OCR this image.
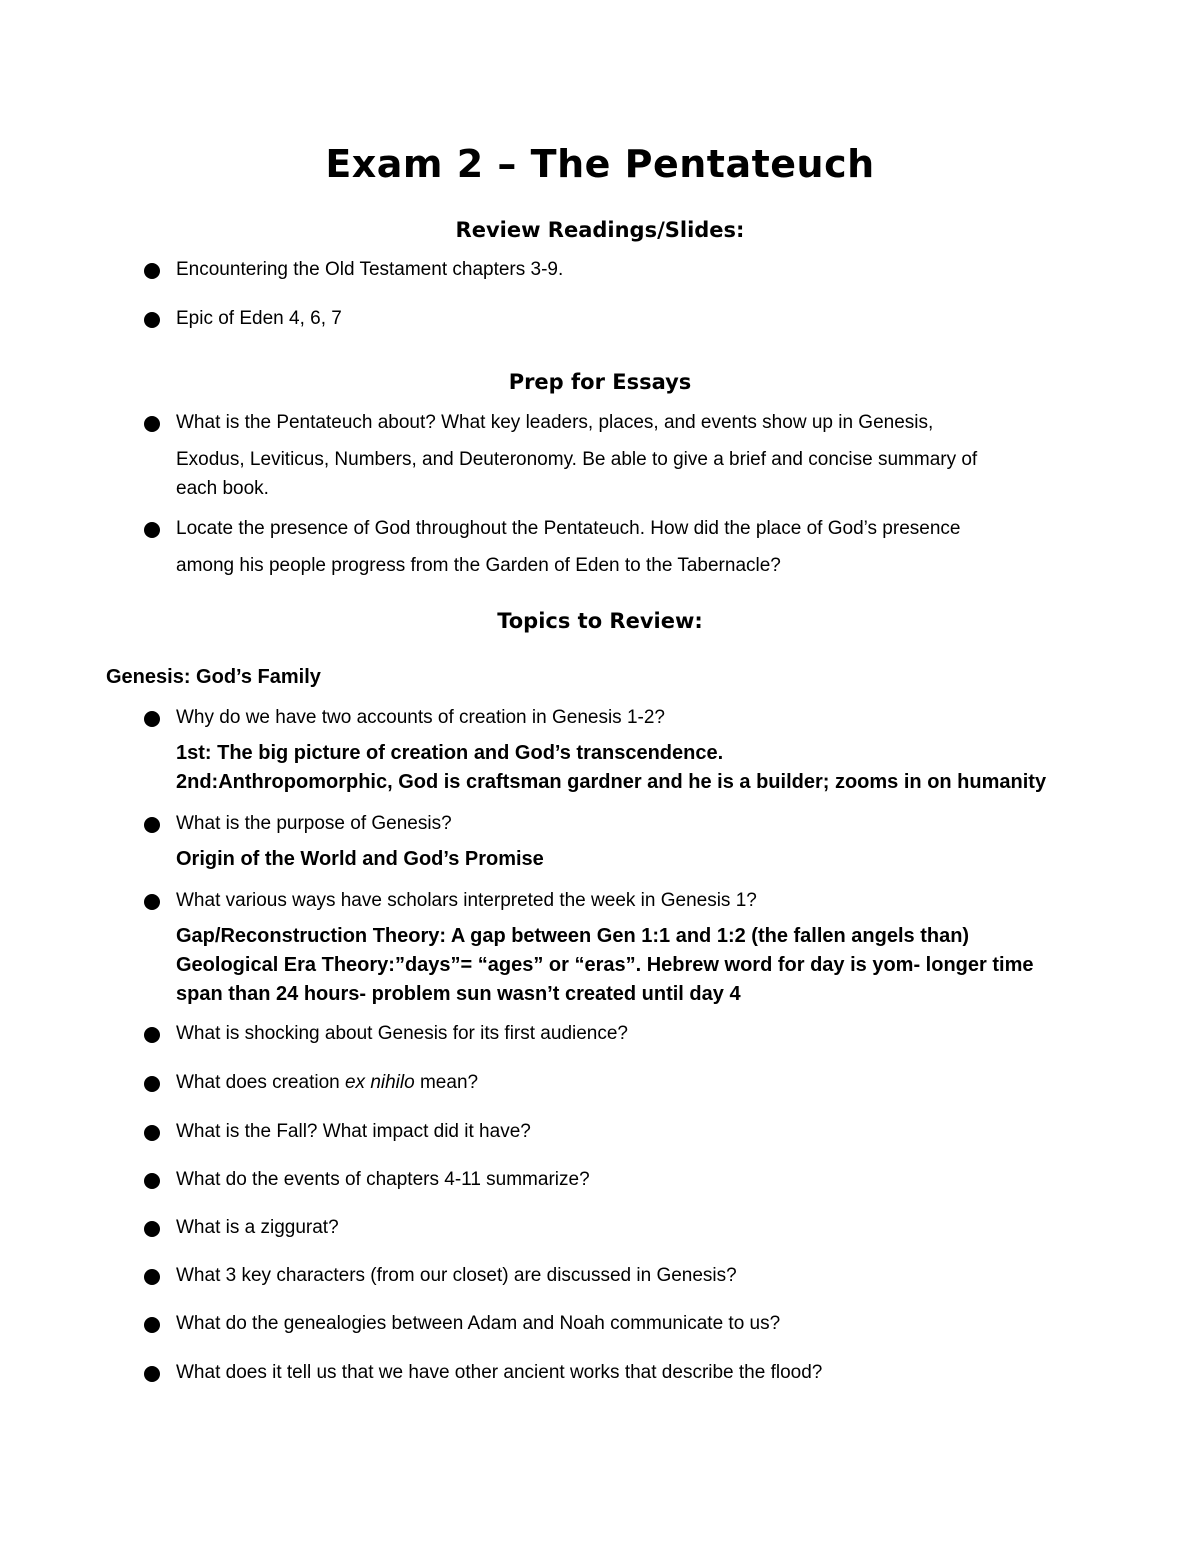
Exam 2 – The Pentateuch
Review Readings/Slides:

Encountering the Old Testament chapters 3-9.

Epic of Eden 4, 6, 7

Prep for Essays

What is the Pentateuch about? What key leaders, places, and events show up in Genesis,

Exodus, Leviticus, Numbers, and Deuteronomy. Be able to give a brief and concise summary of

each book.

Locate the presence of God throughout the Pentateuch. How did the place of God’s presence

among his people progress from the Garden of Eden to the Tabernacle?

Topics to Review:

Genesis: God’s Family

Why do we have two accounts of creation in Genesis 1-2?

1st: The big picture of creation and God’s transcendence.

2nd:Anthropomorphic, God is craftsman gardner and he is a builder; zooms in on humanity

What is the purpose of Genesis?

Origin of the World and God’s Promise

What various ways have scholars interpreted the week in Genesis 1?

Gap/Reconstruction Theory: A gap between Gen 1:1 and 1:2 (the fallen angels than)

Geological Era Theory:”days”= “ages” or “eras”. Hebrew word for day is yom- longer time

span than 24 hours- problem sun wasn’t created until day 4

What is shocking about Genesis for its first audience?

What does creation ex nihilo mean?

What is the Fall? What impact did it have?

What do the events of chapters 4-11 summarize?

What is a ziggurat?

What 3 key characters (from our closet) are discussed in Genesis?

What do the genealogies between Adam and Noah communicate to us?

What does it tell us that we have other ancient works that describe the flood?
